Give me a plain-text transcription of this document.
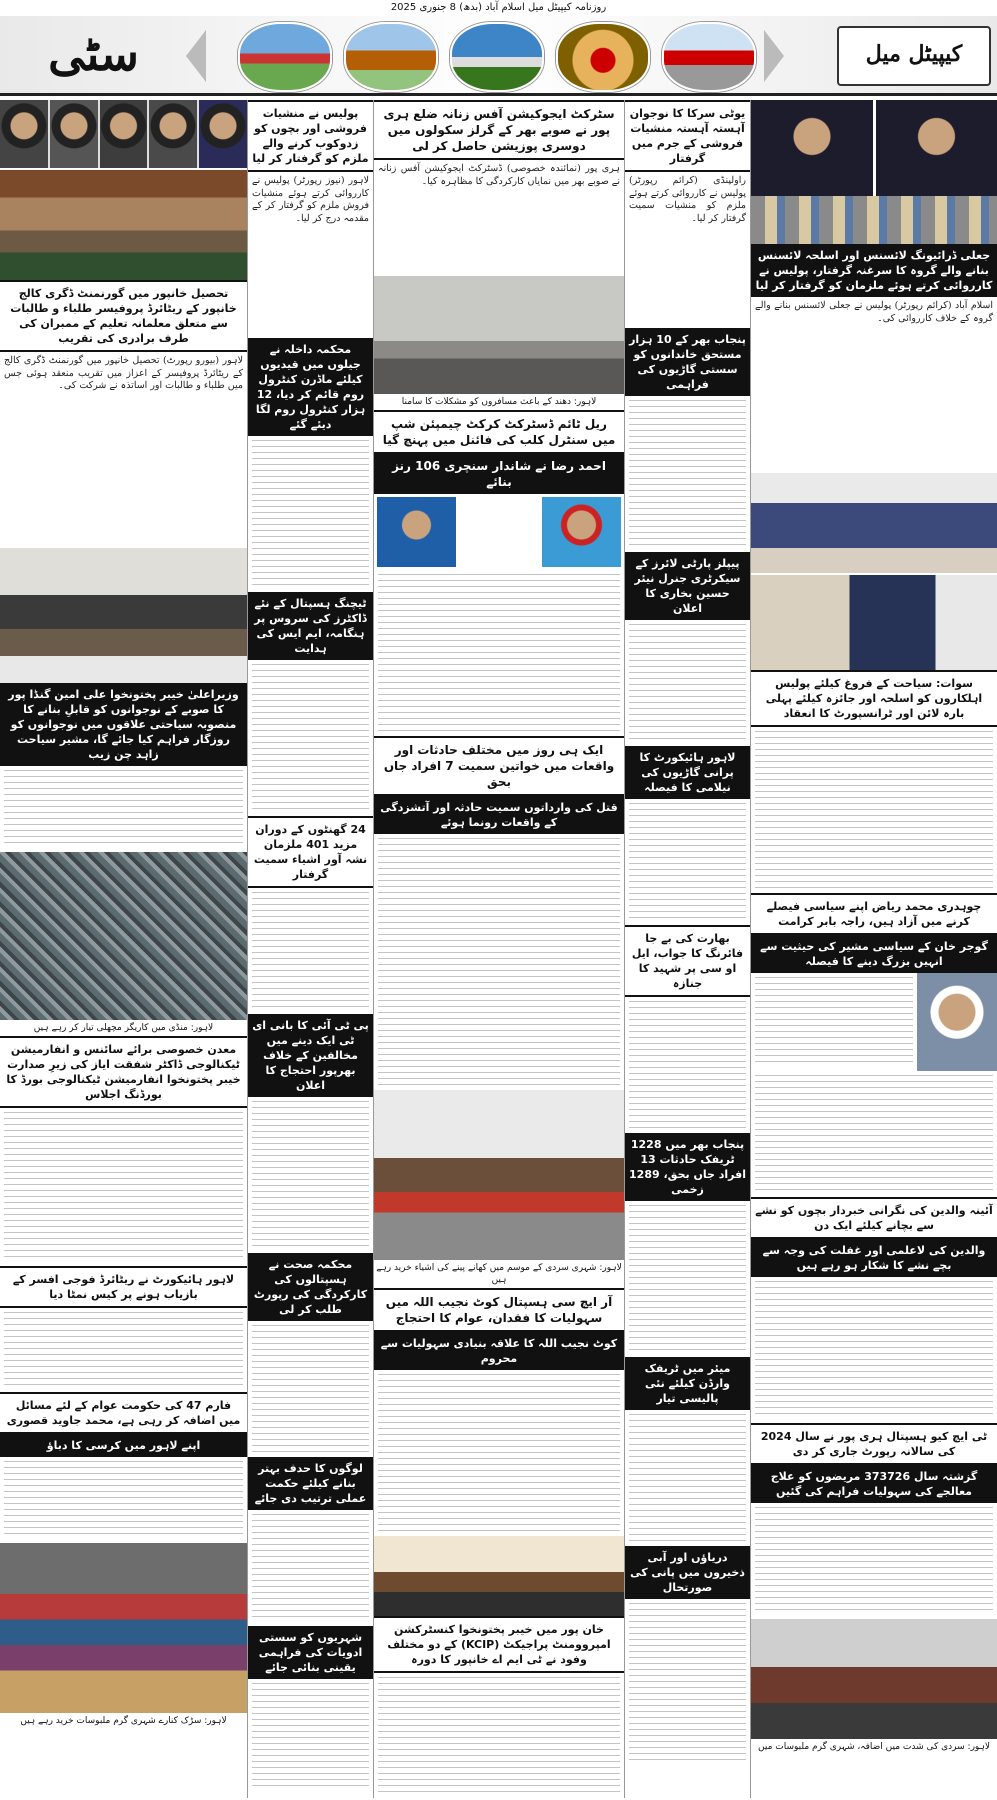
روزنامہ کیپیٹل میل اسلام آباد (بدھ) 8 جنوری 2025
سٹی	کیپیٹل میل
تحصیل خانپور میں گورنمنٹ ڈگری کالج خانپور کے ریٹائرڈ پروفیسر طلباء و طالبات سے متعلق معلمانہ تعلیم کے ممبران کی طرف برادری کی تقریب
لاہور (بیورو رپورٹ) تحصیل خانپور میں گورنمنٹ ڈگری کالج کے ریٹائرڈ پروفیسر کے اعزاز میں تقریب منعقد ہوئی جس میں طلباء و طالبات اور اساتذہ نے شرکت کی۔
وزیراعلیٰ خیبر پختونخوا علی امین گنڈا پور کا صوبے کے نوجوانوں کو قابلِ بنانے کا منصوبہ سیاحتی علاقوں میں نوجوانوں کو روزگار فراہم کیا جائے گا، مشیر سیاحت زاہد چن زیب
لاہور: منڈی میں کاریگر مچھلی تیار کر رہے ہیں
معدن خصوصی برائے سائنس و انفارمیشن ٹیکنالوجی ڈاکٹر شفقت ایاز کی زیرِ صدارت خیبر پختونخوا انفارمیشن ٹیکنالوجی بورڈ کا بورڈنگ اجلاس
لاہور ہائیکورٹ نے ریٹائرڈ فوجی افسر کے بازیاب ہونے پر کیس نمٹا دیا
فارم 47 کی حکومت عوام کے لئے مسائل میں اضافہ کر رہی ہے، محمد جاوید قصوری
اپنے لاہور میں کرسی کا دباؤ
لاہور: سڑک کنارے شہری گرم ملبوسات خرید رہے ہیں
پولیس نے منشیات فروشی اور بچوں کو زدوکوب کرنے والے ملزم کو گرفتار کر لیا
لاہور (نیوز رپورٹر) پولیس نے کارروائی کرتے ہوئے منشیات فروش ملزم کو گرفتار کر کے مقدمہ درج کر لیا۔
محکمہ داخلہ نے جیلوں میں قیدیوں کیلئے ماڈرن کنٹرول روم قائم کر دیا، 12 ہزار کنٹرول روم لگا دیئے گئے
ٹیچنگ ہسپتال کے نئے ڈاکٹرز کی سروس پر ہنگامہ، ایم ایس کی ہدایت
24 گھنٹوں کے دوران مزید 401 ملزمان نشہ آور اشیاء سمیت گرفتار
پی ٹی آئی کا بانی ای ٹی ایک دینے میں مخالفین کے خلاف بھرپور احتجاج کا اعلان
محکمہ صحت نے ہسپتالوں کی کارکردگی کی رپورٹ طلب کر لی
لوگوں کا حدف بہتر بنانے کیلئے حکمت عملی ترتیب دی جائے
شہریوں کو سستی ادویات کی فراہمی یقینی بنائی جائے
سٹرکٹ ایجوکیشن آفس زنانہ ضلع ہری پور نے صوبے بھر کے گرلز سکولوں میں دوسری پوزیشن حاصل کر لی
ہری پور (نمائندہ خصوصی) ڈسٹرکٹ ایجوکیشن آفس زنانہ نے صوبے بھر میں نمایاں کارکردگی کا مظاہرہ کیا۔
لاہور: دھند کے باعث مسافروں کو مشکلات کا سامنا
ریل ٹائم ڈسٹرکٹ کرکٹ چیمپئن شپ میں سنٹرل کلب کی فائنل میں پہنچ گیا
احمد رضا نے شاندار سنچری 106 رنز بنائے
ایک ہی روز میں مختلف حادثات اور واقعات میں خواتین سمیت 7 افراد جاں بحق
قتل کی وارداتوں سمیت حادثہ اور آتشزدگی کے واقعات رونما ہوئے
لاہور: شہری سردی کے موسم میں کھانے پینے کی اشیاء خرید رہے ہیں
آر ایچ سی ہسپتال کوٹ نجیب اللہ میں سہولیات کا فقدان، عوام کا احتجاج
کوٹ نجیب اللہ کا علاقہ بنیادی سہولیات سے محروم
خان پور میں خیبر پختونخوا کنسٹرکشن امپروومنٹ پراجیکٹ (KCIP) کے دو مختلف وفود نے ٹی ایم اے خانپور کا دورہ
یوٹی سرکا کا نوجوان آہستہ آہستہ منشیات فروشی کے جرم میں گرفتار
راولپنڈی (کرائم رپورٹر) پولیس نے کارروائی کرتے ہوئے ملزم کو منشیات سمیت گرفتار کر لیا۔
پنجاب بھر کے 10 ہزار مستحق خاندانوں کو سستی گاڑیوں کی فراہمی
پیپلز پارٹی لائرز کے سیکرٹری جنرل نیئر حسین بخاری کا اعلان
لاہور ہائیکورٹ کا پرانی گاڑیوں کی نیلامی کا فیصلہ
بھارت کی بے جا فائرنگ کا جواب، ایل او سی پر شہید کا جنازہ
پنجاب بھر میں 1228 ٹریفک حادثات 13 افراد جاں بحق، 1289 زخمی
میئر میں ٹریفک وارڈن کیلئے نئی پالیسی تیار
دریاؤں اور آبی ذخیروں میں پانی کی صورتحال
جعلی ڈرائیونگ لائسنس اور اسلحہ لائسنس بنانے والے گروہ کا سرغنہ گرفتار، پولیس نے کارروائی کرتے ہوئے ملزمان کو گرفتار کر لیا
اسلام آباد (کرائم رپورٹر) پولیس نے جعلی لائسنس بنانے والے گروہ کے خلاف کارروائی کی۔
سوات: سیاحت کے فروغ کیلئے پولیس اہلکاروں کو اسلحہ اور جائزہ کیلئے پہلی بارہ لائن اور ٹرانسپورٹ کا انعقاد
چوہدری محمد ریاض اپنے سیاسی فیصلے کرنے میں آزاد ہیں، راجہ بابر کرامت
گوجر خان کے سیاسی مشیر کی حیثیت سے انہیں بزرگ دینے کا فیصلہ
آئینہ والدین کی نگرانی خبردار بچوں کو نشے سے بچانے کیلئے ایک دن
والدین کی لاعلمی اور غفلت کی وجہ سے بچے نشے کا شکار ہو رہے ہیں
ٹی ایچ کیو ہسپتال ہری پور نے سال 2024 کی سالانہ رپورٹ جاری کر دی
گزشتہ سال 373726 مریضوں کو علاج معالجے کی سہولیات فراہم کی گئیں
لاہور: سردی کی شدت میں اضافہ، شہری گرم ملبوسات میں
